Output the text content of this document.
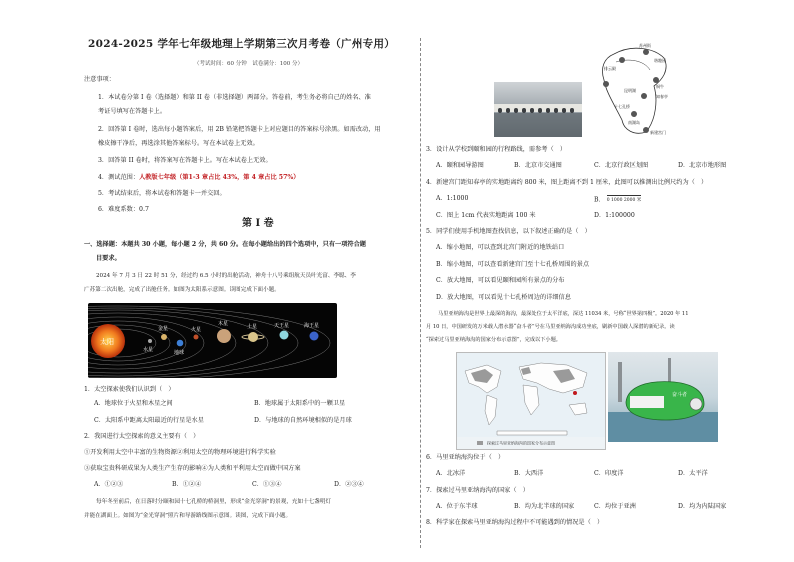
2024-2025 学年七年级地理上学期第三次月考卷（广州专用）
（考试时间：60 分钟　试卷满分：100 分）
注意事项：
1．本试卷分第 I 卷（选择题）和第 II 卷（非选择题）两部分。答卷前，考生务必将自己的姓名、准
考证号填写在答题卡上。
2．回答第 I 卷时，选出每小题答案后，用 2B 铅笔把答题卡上对应题目的答案标号涂黑。如需改动，用
橡皮擦干净后，再选涂其他答案标号。写在本试卷上无效。
3．回答第 II 卷时，将答案写在答题卡上。写在本试卷上无效。
4．测试范围：人教版七年级（第1-3 章占比 43%，第 4 章占比 57%）
5．考试结束后，将本试卷和答题卡一并交回。
6．难度系数：0.7
第 I 卷
一、选择题：本题共 30 小题，每小题 2 分，共 60 分。在每小题给出的四个选项中，只有一项符合题
目要求。
2024 年 7 月 3 日 22 时 51 分，经过约 6.5 小时的出舱活动，神舟十八号乘组航天员叶光富、李聪、李
广苏第二次出舱，完成了出舱任务。如图为太阳系示意图。读图完成下面小题。
太阳
水星
金星
地球
火星
木星	土星	天王星	海王星
1．太空探索使我们认识到（　）
A．地球位于火星和木星之间	B．地球属于太阳系中的一颗卫星
C．太阳系中距离太阳最近的行星是水星	D．与地球的自然环境相似的是月球
2．我国进行太空探索的意义主要有（　）
①开发利用太空中丰富的生物资源②利用太空的物理环境进行科学实验
③获取宝贵科研成果为人类生产生存的影响④为人类和平利用太空而做中国方案
A．①②③	B．①②④	C．①③④	D．②③④
每年冬至前后，在日落时分颐和园十七孔桥的桥洞里，形成“金光穿洞”的景观，充如十七盏明灯
并能在湖面上。如图为“金光穿洞”照片和导游路线图示意图。读图，完成下面小题。
苏州街
谐趣园
排云殿
昆明湖
十七孔桥
知春亭
南湖岛
新建宫门
铜牛
3．设计从学校到颐和园的行程路线，需参考（　）
A．颐和园导游图	B．北京市交通图	C．北京行政区划图	D．北京市地形图
4．新建宫门距知春亭的实地距离约 800 米，图上距离不到 1 厘米，此图可以推测出比例尺约为（　）
A．1:1000	B． 0 1000 2000 米
C．图上 1cm 代表实地距离 100 米	D．1:100000
5．同学们使用手机地图查找信息，以下叙述正确的是（　）
A．缩小地图，可以查到北宫门附近的地铁站口
B．缩小地图，可以查看新建宫门至十七孔桥周围的景点
C．放大地图，可以看见颐和园所有景点的分布
D．放大地图，可以看见十七孔桥周边的详细信息
马里亚纳海沟是世界上最深的海沟，最深处位于太平洋底，深达 11034 米，号称“世界第四极”。2020 年 11
月 10 日，中国研发的万米载人潜水器“奋斗者”号在马里亚纳海沟成功坐底，刷新中国载人深潜的新纪录。读
“探索过马里亚纳海沟的国家分布示意图”，完成以下小题。
探索过马里亚纳海沟的国家分布示意图
奋斗者
6．马里亚纳海沟位于（　）
A．北冰洋	B．大西洋	C．印度洋	D．太平洋
7．探索过马里亚纳海沟的国家（　）
A．位于东半球	B．均为北半球的国家	C．均位于亚洲	D．均为内陆国家
8．科学家在探索马里亚纳海沟过程中不可能遇到的情况是（　）
